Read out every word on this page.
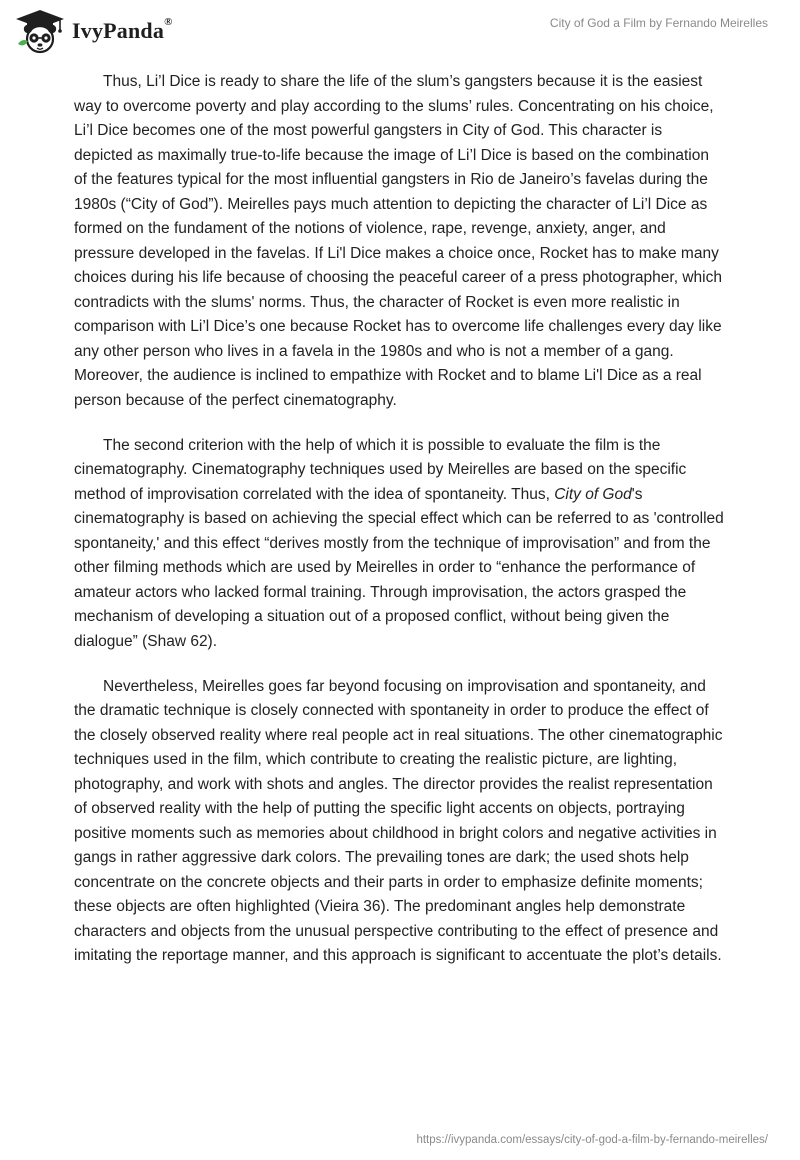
IvyPanda®	City of God a Film by Fernando Meirelles

Thus, Li’l Dice is ready to share the life of the slum’s gangsters because it is the easiest way to overcome poverty and play according to the slums’ rules. Concentrating on his choice, Li’l Dice becomes one of the most powerful gangsters in City of God. This character is depicted as maximally true-to-life because the image of Li’l Dice is based on the combination of the features typical for the most influential gangsters in Rio de Janeiro’s favelas during the 1980s (“City of God”). Meirelles pays much attention to depicting the character of Li’l Dice as formed on the fundament of the notions of violence, rape, revenge, anxiety, anger, and pressure developed in the favelas. If Li'l Dice makes a choice once, Rocket has to make many choices during his life because of choosing the peaceful career of a press photographer, which contradicts with the slums' norms. Thus, the character of Rocket is even more realistic in comparison with Li’l Dice’s one because Rocket has to overcome life challenges every day like any other person who lives in a favela in the 1980s and who is not a member of a gang. Moreover, the audience is inclined to empathize with Rocket and to blame Li'l Dice as a real person because of the perfect cinematography.

The second criterion with the help of which it is possible to evaluate the film is the cinematography. Cinematography techniques used by Meirelles are based on the specific method of improvisation correlated with the idea of spontaneity. Thus, City of God's cinematography is based on achieving the special effect which can be referred to as 'controlled spontaneity,' and this effect “derives mostly from the technique of improvisation” and from the other filming methods which are used by Meirelles in order to “enhance the performance of amateur actors who lacked formal training. Through improvisation, the actors grasped the mechanism of developing a situation out of a proposed conflict, without being given the dialogue” (Shaw 62).

Nevertheless, Meirelles goes far beyond focusing on improvisation and spontaneity, and the dramatic technique is closely connected with spontaneity in order to produce the effect of the closely observed reality where real people act in real situations. The other cinematographic techniques used in the film, which contribute to creating the realistic picture, are lighting, photography, and work with shots and angles. The director provides the realist representation of observed reality with the help of putting the specific light accents on objects, portraying positive moments such as memories about childhood in bright colors and negative activities in gangs in rather aggressive dark colors. The prevailing tones are dark; the used shots help concentrate on the concrete objects and their parts in order to emphasize definite moments; these objects are often highlighted (Vieira 36). The predominant angles help demonstrate characters and objects from the unusual perspective contributing to the effect of presence and imitating the reportage manner, and this approach is significant to accentuate the plot’s details.

https://ivypanda.com/essays/city-of-god-a-film-by-fernando-meirelles/
